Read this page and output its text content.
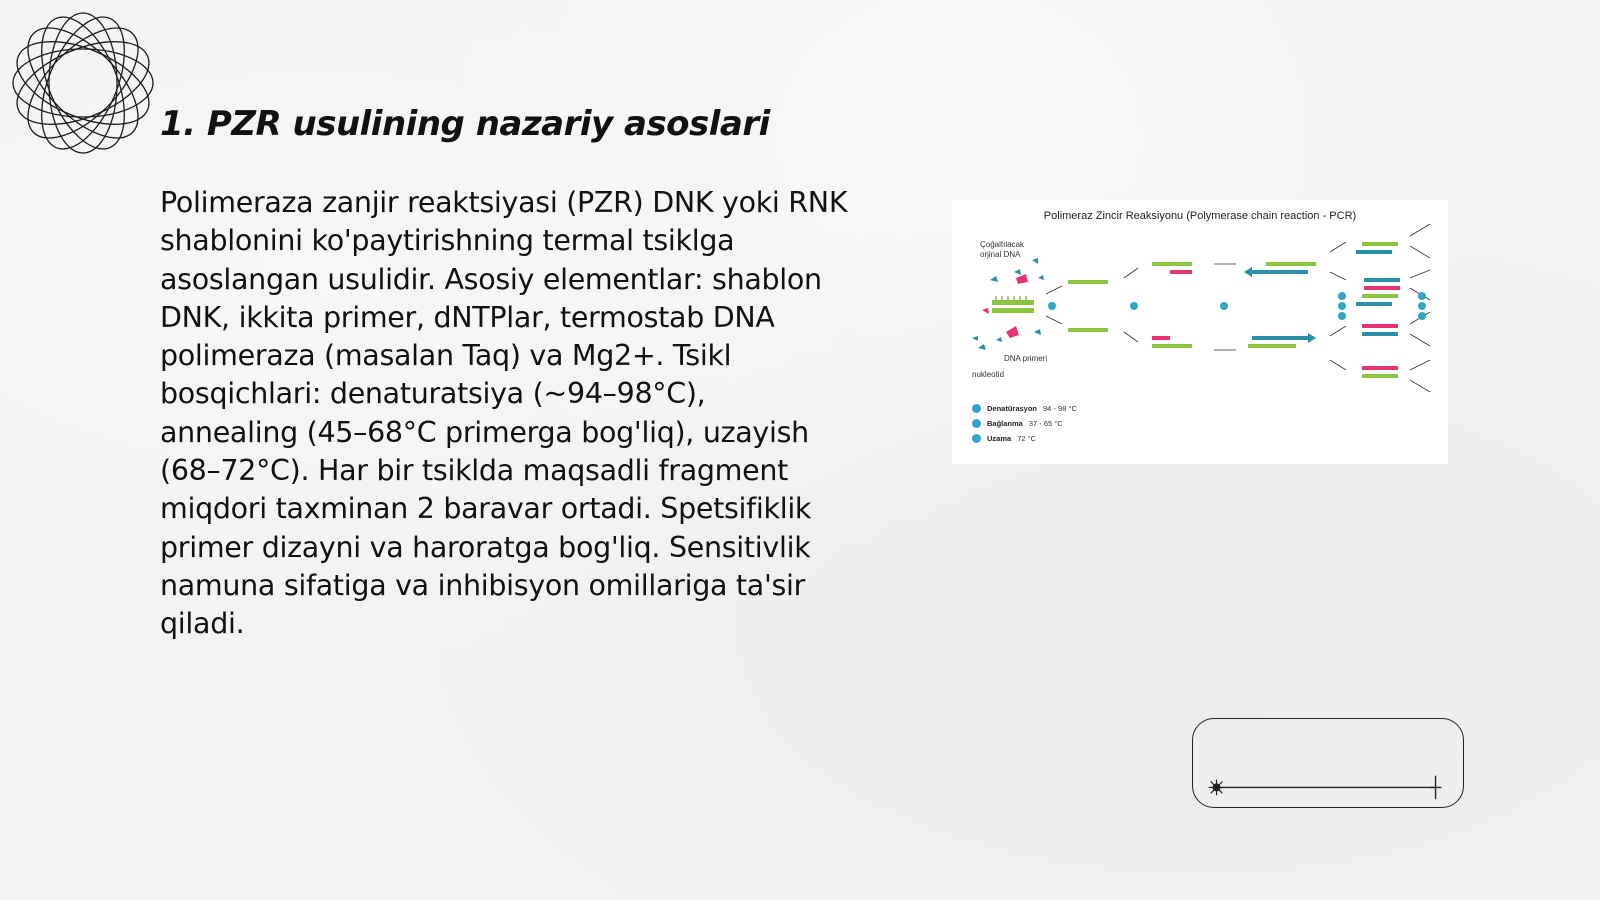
1. PZR usulining nazariy asoslari

Polimeraza zanjir reaktsiyasi (PZR) DNK yoki RNK shablonini ko'paytirishning termal tsiklga asoslangan usulidir. Asosiy elementlar: shablon DNK, ikkita primer, dNTPlar, termostab DNA polimeraza (masalan Taq) va Mg2+. Tsikl bosqichlari: denaturatsiya (~94–98°C), annealing (45–68°C primerga bog'liq), uzayish (68–72°C). Har bir tsiklda maqsadli fragment miqdori taxminan 2 baravar ortadi. Spetsifiklik primer dizayni va haroratga bog'liq. Sensitivlik namuna sifatiga va inhibisyon omillariga ta'sir qiladi.

Polimeraz Zincir Reaksiyonu (Polymerase chain reaction - PCR)
Çoğaltılacak
orjinal DNA
DNA primeri
nukleotid
Denatürasyon 94 - 98 °C
Bağlanma 37 - 65 °C
Uzama 72 °C
